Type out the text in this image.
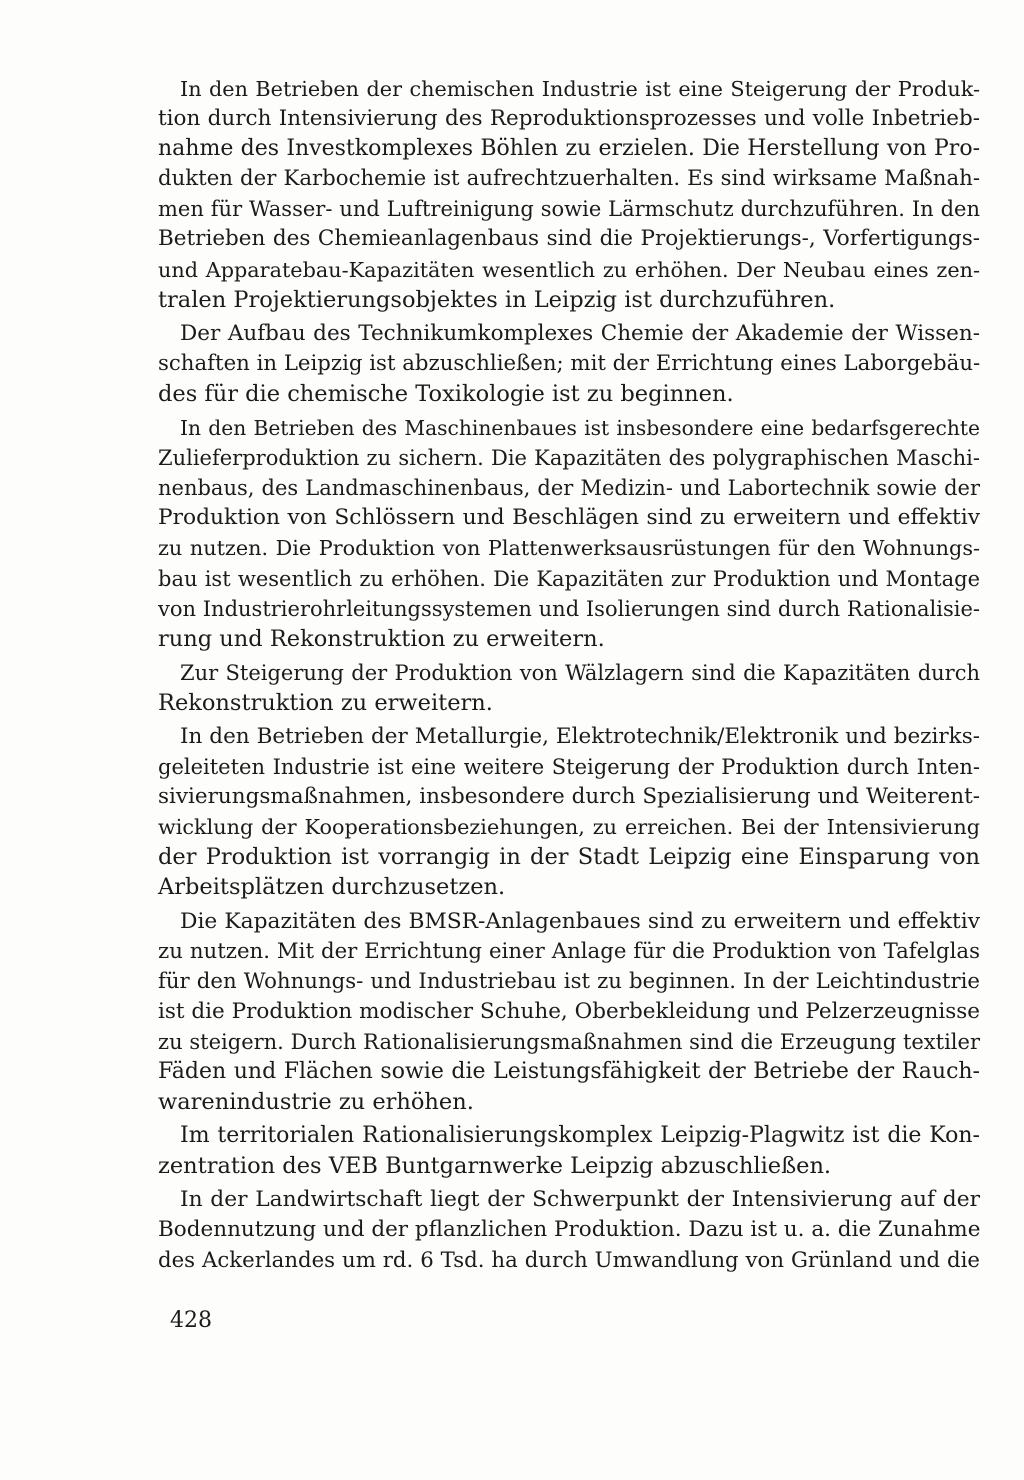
In den Betrieben der chemischen Industrie ist eine Steigerung der Produk-
tion durch Intensivierung des Reproduktionsprozesses und volle Inbetrieb-
nahme des Investkomplexes Böhlen zu erzielen. Die Herstellung von Pro-
dukten der Karbochemie ist aufrechtzuerhalten. Es sind wirksame Maßnah-
men für Wasser- und Luftreinigung sowie Lärmschutz durchzuführen. In den
Betrieben des Chemieanlagenbaus sind die Projektierungs-, Vorfertigungs-
und Apparatebau-Kapazitäten wesentlich zu erhöhen. Der Neubau eines zen-
tralen Projektierungsobjektes in Leipzig ist durchzuführen.
Der Aufbau des Technikumkomplexes Chemie der Akademie der Wissen-
schaften in Leipzig ist abzuschließen; mit der Errichtung eines Laborgebäu-
des für die chemische Toxikologie ist zu beginnen.
In den Betrieben des Maschinenbaues ist insbesondere eine bedarfsgerechte
Zulieferproduktion zu sichern. Die Kapazitäten des polygraphischen Maschi-
nenbaus, des Landmaschinenbaus, der Medizin- und Labortechnik sowie der
Produktion von Schlössern und Beschlägen sind zu erweitern und effektiv
zu nutzen. Die Produktion von Plattenwerksausrüstungen für den Wohnungs-
bau ist wesentlich zu erhöhen. Die Kapazitäten zur Produktion und Montage
von Industrierohrleitungssystemen und Isolierungen sind durch Rationalisie-
rung und Rekonstruktion zu erweitern.
Zur Steigerung der Produktion von Wälzlagern sind die Kapazitäten durch
Rekonstruktion zu erweitern.
In den Betrieben der Metallurgie, Elektrotechnik/Elektronik und bezirks-
geleiteten Industrie ist eine weitere Steigerung der Produktion durch Inten-
sivierungsmaßnahmen, insbesondere durch Spezialisierung und Weiterent-
wicklung der Kooperationsbeziehungen, zu erreichen. Bei der Intensivierung
der Produktion ist vorrangig in der Stadt Leipzig eine Einsparung von
Arbeitsplätzen durchzusetzen.
Die Kapazitäten des BMSR-Anlagenbaues sind zu erweitern und effektiv
zu nutzen. Mit der Errichtung einer Anlage für die Produktion von Tafelglas
für den Wohnungs- und Industriebau ist zu beginnen. In der Leichtindustrie
ist die Produktion modischer Schuhe, Oberbekleidung und Pelzerzeugnisse
zu steigern. Durch Rationalisierungsmaßnahmen sind die Erzeugung textiler
Fäden und Flächen sowie die Leistungsfähigkeit der Betriebe der Rauch-
warenindustrie zu erhöhen.
Im territorialen Rationalisierungskomplex Leipzig-Plagwitz ist die Kon-
zentration des VEB Buntgarnwerke Leipzig abzuschließen.
In der Landwirtschaft liegt der Schwerpunkt der Intensivierung auf der
Bodennutzung und der pflanzlichen Produktion. Dazu ist u. a. die Zunahme
des Ackerlandes um rd. 6 Tsd. ha durch Umwandlung von Grünland und die
428
